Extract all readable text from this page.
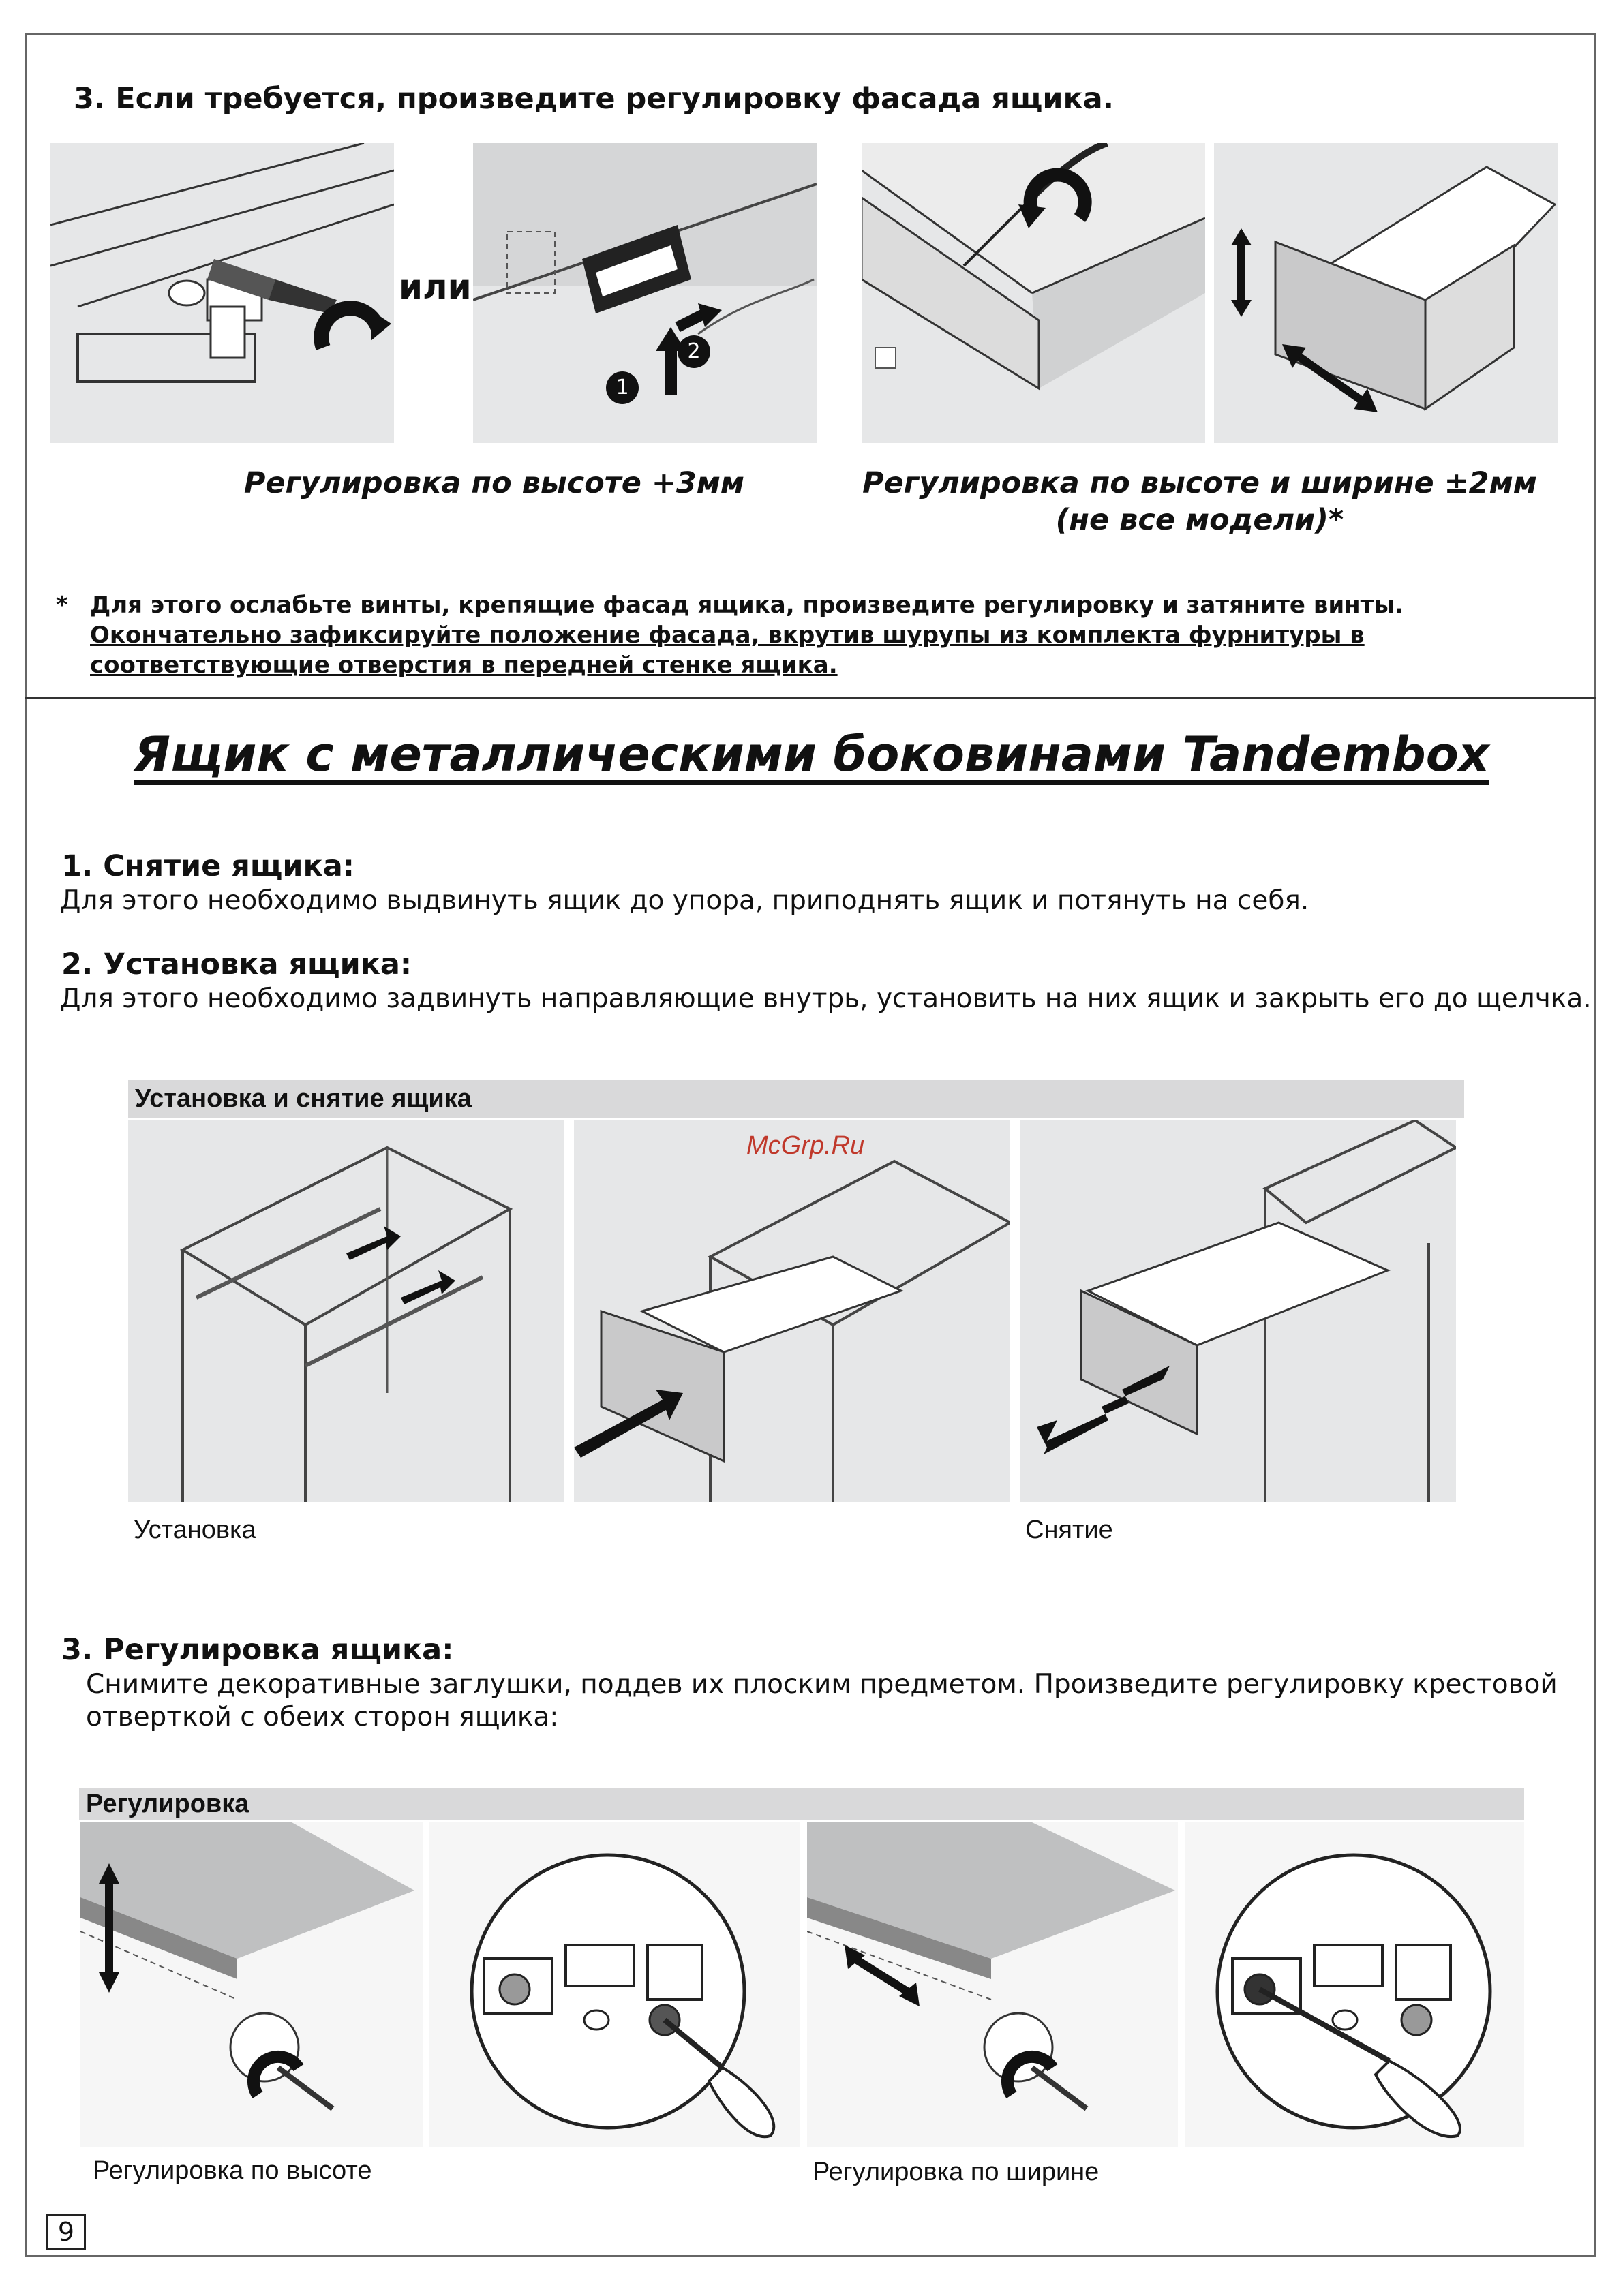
3. Если требуется, произведите регулировку фасада ящика.
или
1
2
Регулировка по высоте +3мм	Регулировка по высоте и ширине ±2мм
(не все модели)*
* Для этого ослабьте винты, крепящие фасад ящика, произведите регулировку и затяните винты.
Окончательно зафиксируйте положение фасада, вкрутив шурупы из комплекта фурнитуры в
соответствующие отверстия в передней стенке ящика.
Ящик с металлическими боковинами Tandembox
1. Снятие ящика:
Для этого необходимо выдвинуть ящик до упора, приподнять ящик и потянуть на себя.
2. Установка ящика:
Для этого необходимо задвинуть направляющие внутрь, установить на них ящик и закрыть его до щелчка.
Установка и снятие ящика
McGrp.Ru
Установка	Снятие
3. Регулировка ящика:
Снимите декоративные заглушки, поддев их плоским предметом. Произведите регулировку крестовой
отверткой с обеих сторон ящика:
Регулировка
Регулировка по высоте	Регулировка по ширине
9
